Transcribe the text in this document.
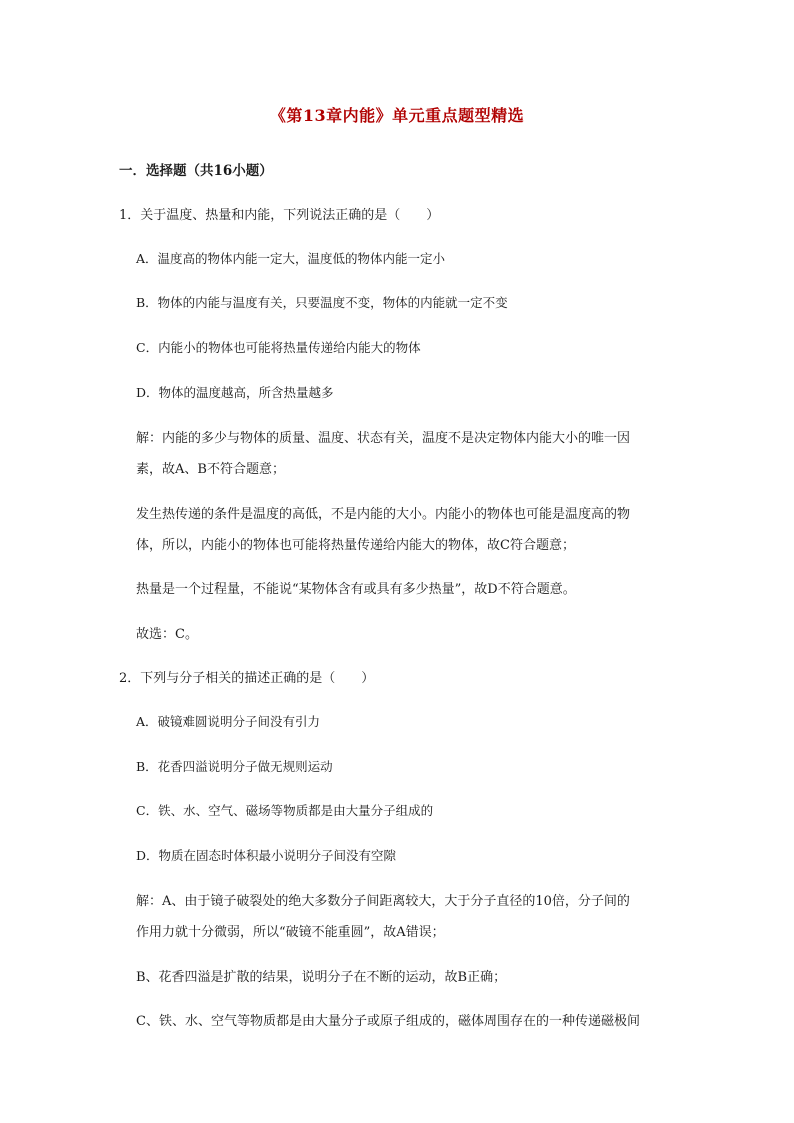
《第13章内能》单元重点题型精选
一．选择题（共16小题）
1．关于温度、热量和内能，下列说法正确的是（　　）
A．温度高的物体内能一定大，温度低的物体内能一定小
B．物体的内能与温度有关，只要温度不变，物体的内能就一定不变
C．内能小的物体也可能将热量传递给内能大的物体
D．物体的温度越高，所含热量越多
解：内能的多少与物体的质量、温度、状态有关，温度不是决定物体内能大小的唯一因
素，故A、B不符合题意；
发生热传递的条件是温度的高低，不是内能的大小。内能小的物体也可能是温度高的物
体，所以，内能小的物体也可能将热量传递给内能大的物体，故C符合题意；
热量是一个过程量，不能说“某物体含有或具有多少热量”，故D不符合题意。
故选：C。
2．下列与分子相关的描述正确的是（　　）
A．破镜难圆说明分子间没有引力
B．花香四溢说明分子做无规则运动
C．铁、水、空气、磁场等物质都是由大量分子组成的
D．物质在固态时体积最小说明分子间没有空隙
解：A、由于镜子破裂处的绝大多数分子间距离较大，大于分子直径的10倍，分子间的
作用力就十分微弱，所以“破镜不能重圆”，故A错误；
B、花香四溢是扩散的结果，说明分子在不断的运动，故B正确；
C、铁、水、空气等物质都是由大量分子或原子组成的，磁体周围存在的一种传递磁极间
